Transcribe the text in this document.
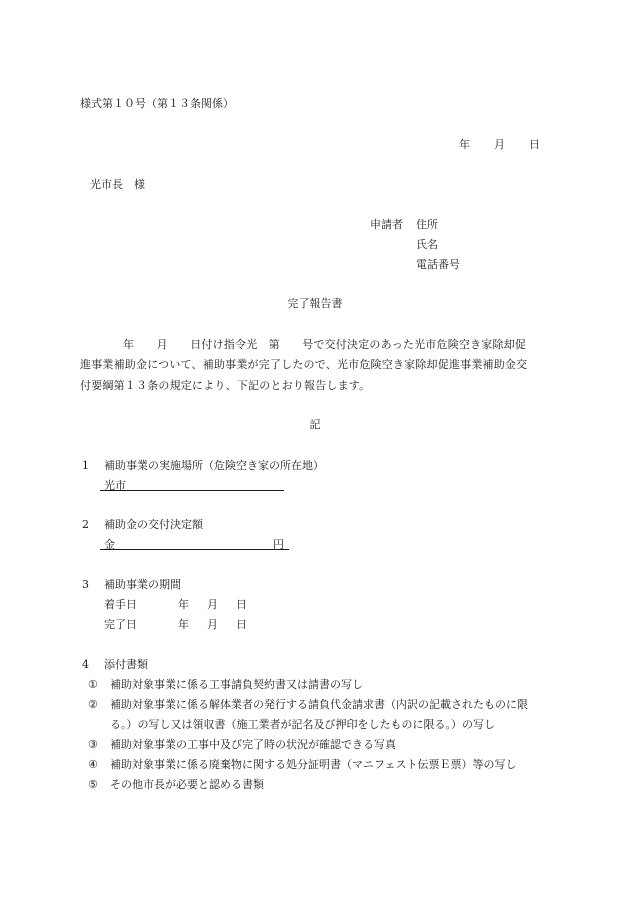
様式第１０号（第１３条関係）
年 月 日
光市長　様
申請者 住所
氏名
電話番号
完了報告書
年　　月　　日付け指令光　第　　号で交付決定のあった光市危険空き家除却促
進事業補助金について、補助事業が完了したので、光市危険空き家除却促進事業補助金交
付要綱第１３条の規定により、下記のとおり報告します。
記
1 補助事業の実施場所（危険空き家の所在地）
光市
2 補助金の交付決定額
金	円
3 補助事業の期間
着手日	年 月 日
完了日	年 月 日
4 添付書類
① 補助対象事業に係る工事請負契約書又は請書の写し
② 補助対象事業に係る解体業者の発行する請負代金請求書（内訳の記載されたものに限
る。）の写し又は領収書（施工業者が記名及び押印をしたものに限る。）の写し
③ 補助対象事業の工事中及び完了時の状況が確認できる写真
④ 補助対象事業に係る廃棄物に関する処分証明書（マニフェスト伝票Ｅ票）等の写し
⑤ その他市長が必要と認める書類
